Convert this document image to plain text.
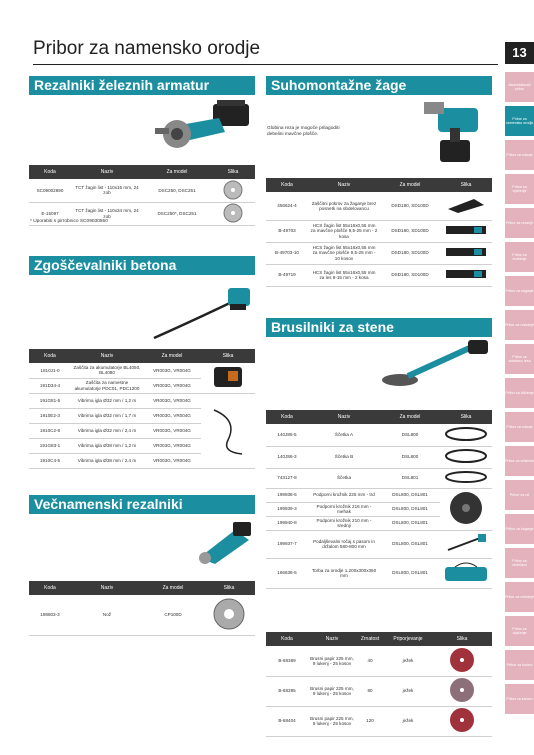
Pribor za namensko orodje	13
Akumulatorski pribor
Pribor za namensko orodje
Pribor za vrtanje
Pribor za vijačenje
Pribor za rezanje
Pribor za brušenje
Pribor za žaganje
Pribor za rezkanje
Pribor za obdelavo lesa
Pribor za čiščenje
Pribor za vrtanje
Pribor za vrtalnike
Pribor za vrt
Pribor za žaganje
Pribor za obdelavo
Pribor za mešanje
Pribor za vijačenje
Pribor za kovino
Pribor za kamen
Rezalniki železnih armatur
Koda	Naziv	Za model	Slika
SC09002890	TCT žagin list - 110x15 mm, 24 zob	DSC250, DSC251	
E-15097	TCT žagin list - 110x34 mm, 24 zob	DSC250*, DSC251	
* Uporabiti s pirrobnico SC09030550
Zgoščevalniki betona
Koda	Naziv	Za model	Slika
1810J1-0	Zaščita za akumulatorje BL4050, BL4080	VR003G, VR004G	
191D34-4	Zaščita za namestne akumulatorje PDC01, PDC1200	VR003G, VR004G	
191G81-5	Vibrirna igla Ø32 mm / 1,2 m	VR003G, VR004G	
1910E2-3	Vibrirna igla Ø32 mm / 1,7 m	VR003G, VR004G	
1910C2-8	Vibrirna igla Ø32 mm / 2,4 m	VR003G, VR004G	
191G83-1	Vibrirna igla Ø38 mm / 1,2 m	VR003G, VR004G	
1910C4-5	Vibrirna igla Ø38 mm / 2,4 m	VR003G, VR004G	
Večnamenski rezalniki
Koda	Naziv	Za model	Slika
198803-3	Nož	CP100D	
Suhomontažne žage
Globina reza je mogoče prilagoditi debelini mavčne plošče.
Koda	Naziv	Za model	Slika
456624-4	Zaščitni pokrov za žaganje brez posnetk na obdelovancu	DSD180, SD100D	
B-49703	HCS žagin list 55x16x0,55 mm za mavčne plošče 9,5-25 mm - 2 kosa	DSD180, SD100D	
B-49703-10	HCS žagin list 55x16x0,55 mm za mavčne plošče 9,5-25 mm - 10 kosov	DSD180, SD100D	
B-49719	HCS žagin list 55x16x0,55 mm za les 9-15 mm - 2 kosa	DSD180, SD100D	
Brusilniki za stene
Koda	Naziv	Za model	Slika
140J85-5	Ščetka A	DSL800	
140J86-3	Ščetka B	DSL800	
743127-8	Ščetka	DSL801	
199938-5	Podporni krožnik 225 mm - trd	DSL800, DSL801	
199939-3	Podporni krožnik 216 mm - mehak	DSL800, DSL801	
199940-8	Podporni krožnik 210 mm - srednji	DSL800, DSL801	
199937-7	Podaljševalni ročaj s pasom in držalom 580-800 mm	DSL800, DSL801	
166638-5	Torba za orodje 1.200x300x350 mm	DSL800, DSL801	
Koda	Naziv	Zrnatost	Priporjevanje	Slika
B-68389	Brusni papir 225 mm, 9 lukenj - 25 kosov	40	ježek	
B-68395	Brusni papir 225 mm, 9 lukenj - 25 kosov	80	ježek	
B-68404	Brusni papir 225 mm, 9 lukenj - 25 kosov	120	ježek	
